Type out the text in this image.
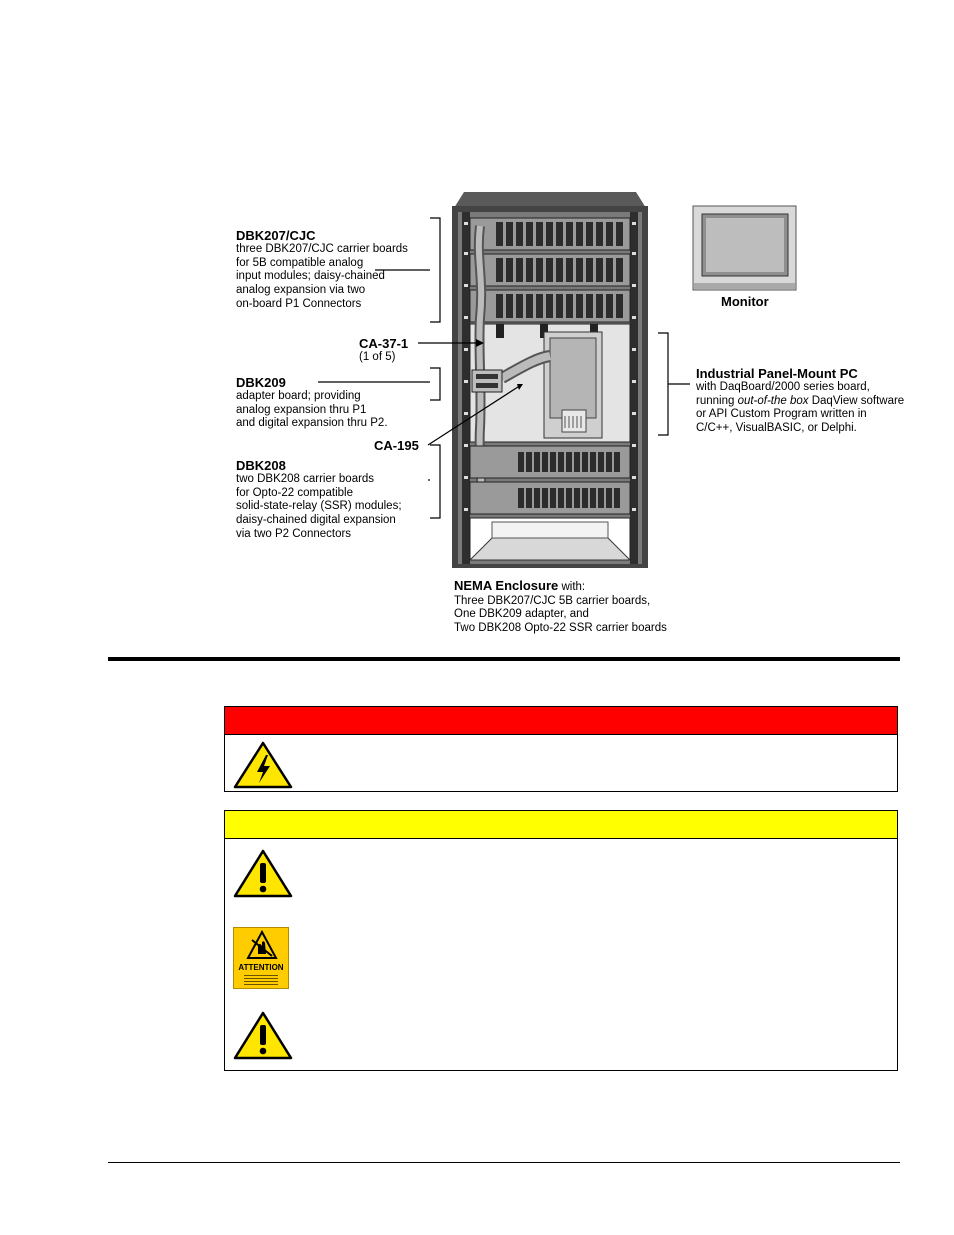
DBK207/CJC
three DBK207/CJC carrier boards
for 5B compatible analog
input modules; daisy-chained
analog expansion via two
on-board P1 Connectors
CA-37-1
(1 of 5)
DBK209
adapter board; providing
analog expansion thru P1
and digital expansion thru P2.
CA-195
DBK208
two DBK208 carrier boards
for Opto-22 compatible
solid-state-relay (SSR) modules;
daisy-chained digital expansion
via two P2 Connectors
Monitor
Industrial Panel-Mount PC
with DaqBoard/2000 series board,
running out-of-the box DaqView software
or API Custom Program written in
C/C++, VisualBASIC, or Delphi.
NEMA Enclosure with:
Three DBK207/CJC 5B carrier boards,
One DBK209 adapter, and
Two DBK208 Opto-22 SSR carrier boards
ATTENTION
